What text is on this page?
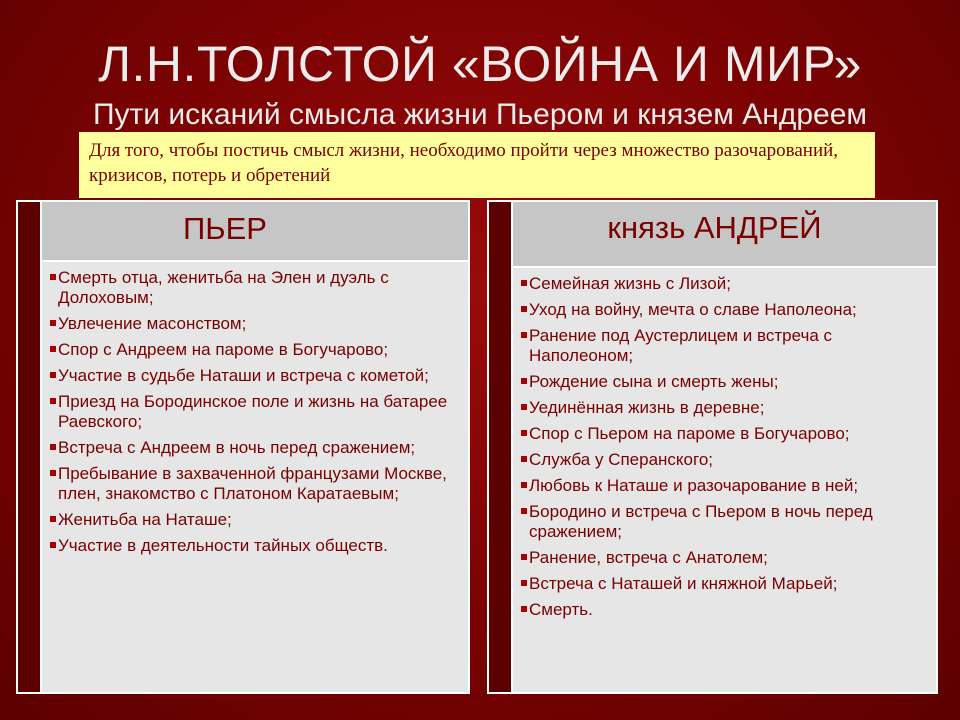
Л.Н.ТОЛСТОЙ «ВОЙНА И МИР»
Пути исканий смысла жизни Пьером и князем Андреем
Для того, чтобы постичь смысл жизни, необходимо пройти через множество разочарований, кризисов, потерь и обретений
ПЬЕР
Смерть отца, женитьба на Элен и дуэль с Долоховым;
Увлечение масонством;
Спор с Андреем на пароме в Богучарово;
Участие в судьбе Наташи и встреча с кометой;
Приезд на Бородинское поле и жизнь на батарее Раевского;
Встреча с Андреем в ночь перед сражением;
Пребывание в захваченной французами Москве, плен, знакомство с Платоном Каратаевым;
Женитьба на Наташе;
Участие в деятельности тайных обществ.
князь АНДРЕЙ
Семейная жизнь с Лизой;
Уход на войну, мечта о славе Наполеона;
Ранение под Аустерлицем и встреча с Наполеоном;
Рождение сына и смерть жены;
Уединённая жизнь в деревне;
Спор с Пьером на пароме в Богучарово;
Служба у Сперанского;
Любовь к Наташе и разочарование в ней;
Бородино и встреча с Пьером в ночь перед сражением;
Ранение, встреча с Анатолем;
Встреча с Наташей и княжной Марьей;
Смерть.
